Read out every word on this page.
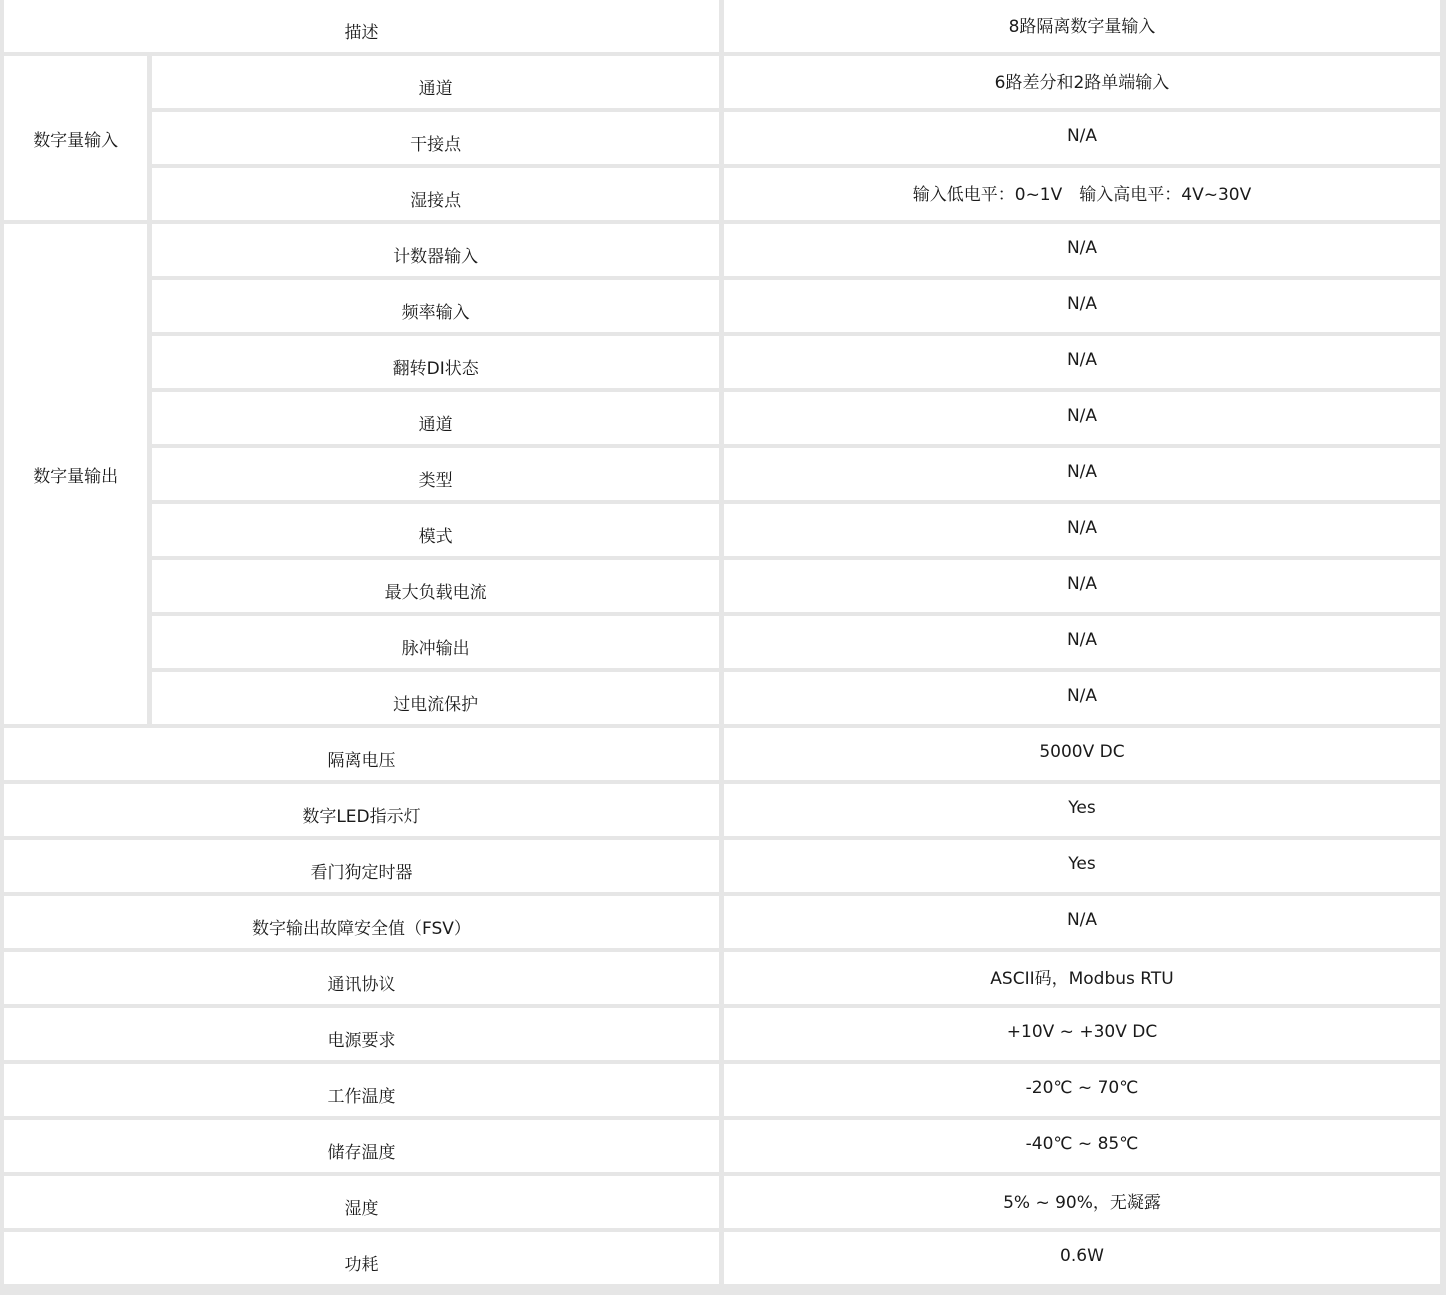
描述		8路隔离数字量输入
数字量输入	通道	6路差分和2路单端输入
	干接点	N/A
	湿接点	输入低电平：0~1V　输入高电平：4V~30V
数字量输出	计数器输入	N/A
	频率输入	N/A
	翻转DI状态	N/A
	通道	N/A
	类型	N/A
	模式	N/A
	最大负载电流	N/A
	脉冲输出	N/A
	过电流保护	N/A
隔离电压		5000V DC
数字LED指示灯		Yes
看门狗定时器		Yes
数字输出故障安全值（FSV）		N/A
通讯协议		ASCII码，Modbus RTU
电源要求		+10V ~ +30V DC
工作温度		-20℃ ~ 70℃
储存温度		-40℃ ~ 85℃
湿度		5% ~ 90%，无凝露
功耗		0.6W
